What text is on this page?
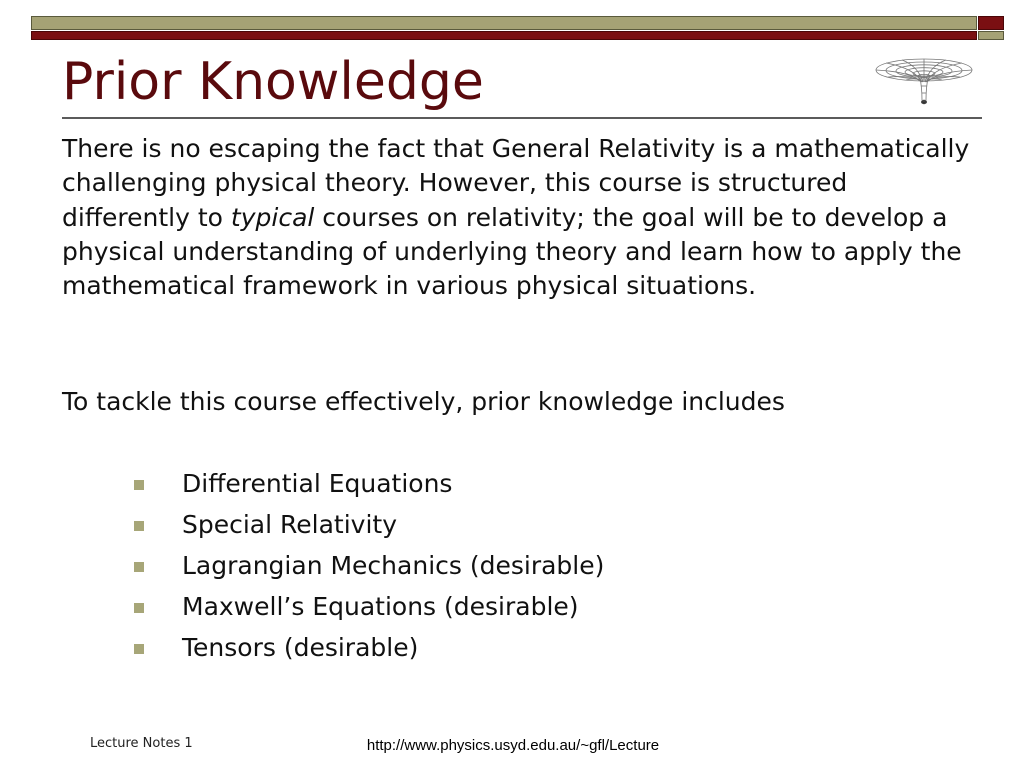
Prior Knowledge

There is no escaping the fact that General Relativity is a mathematically challenging physical theory. However, this course is structured differently to typical courses on relativity; the goal will be to develop a physical understanding of underlying theory and learn how to apply the mathematical framework in various physical situations.

To tackle this course effectively, prior knowledge includes

Differential Equations
Special Relativity
Lagrangian Mechanics (desirable)
Maxwell’s Equations (desirable)
Tensors (desirable)
Lecture Notes 1	http://www.physics.usyd.edu.au/~gfl/Lecture
